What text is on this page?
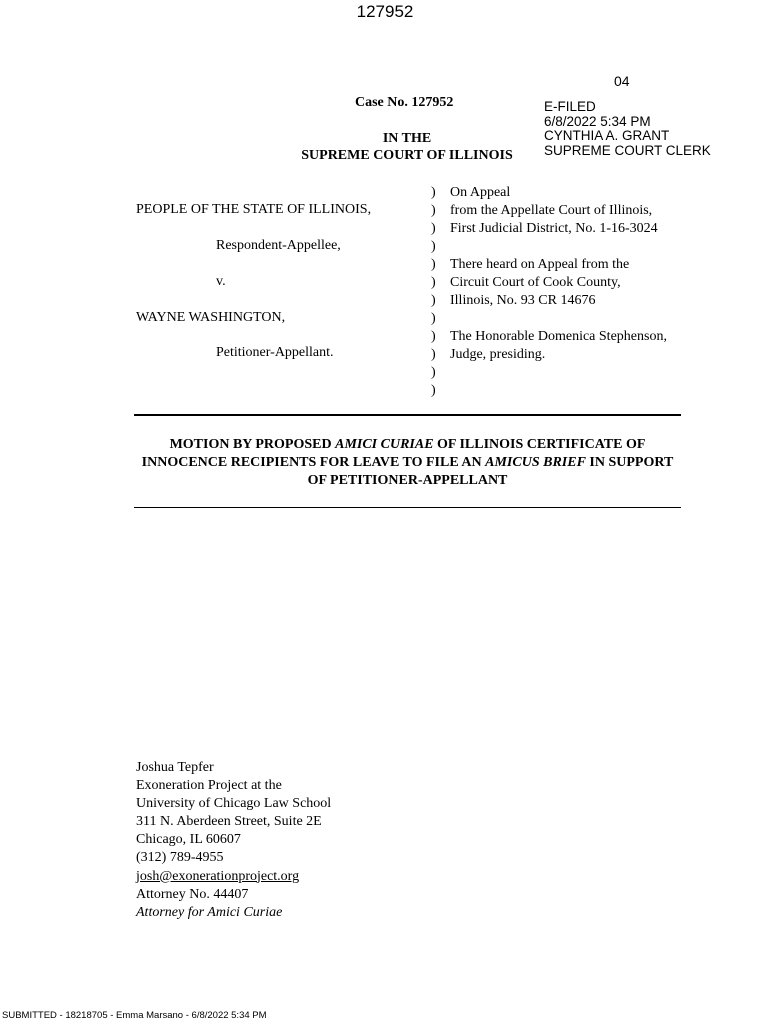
127952
04
E-FILED
6/8/2022 5:34 PM
CYNTHIA A. GRANT
SUPREME COURT CLERK
Case No. 127952
IN THE
SUPREME COURT OF ILLINOIS
PEOPLE OF THE STATE OF ILLINOIS,
Respondent-Appellee,
v.
WAYNE WASHINGTON,
Petitioner-Appellant.
)
)
)
)
)
)
)
)
)
)
)
)
On Appeal
from the Appellate Court of Illinois,
First Judicial District, No. 1-16-3024
There heard on Appeal from the
Circuit Court of Cook County,
Illinois, No. 93 CR 14676
The Honorable Domenica Stephenson,
Judge, presiding.
MOTION BY PROPOSED AMICI CURIAE OF ILLINOIS CERTIFICATE OF INNOCENCE RECIPIENTS FOR LEAVE TO FILE AN AMICUS BRIEF IN SUPPORT OF PETITIONER-APPELLANT
Joshua Tepfer
Exoneration Project at the
University of Chicago Law School
311 N. Aberdeen Street, Suite 2E
Chicago, IL 60607
(312) 789-4955
josh@exonerationproject.org
Attorney No. 44407
Attorney for Amici Curiae
SUBMITTED - 18218705 - Emma Marsano - 6/8/2022 5:34 PM
